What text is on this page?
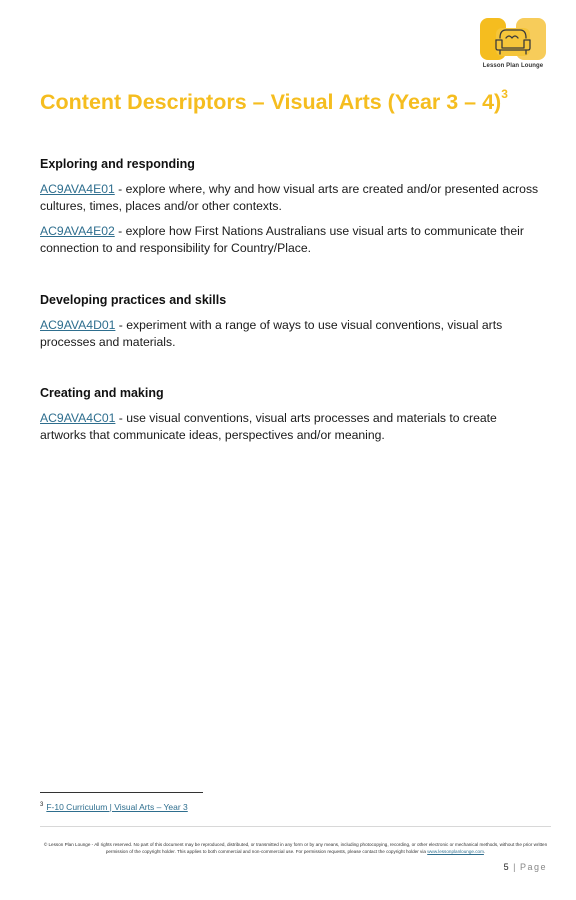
Lesson Plan Lounge
Content Descriptors – Visual Arts (Year 3 – 4)$^3$
Exploring and responding

AC9AVA4E01 - explore where, why and how visual arts are created and/or presented across cultures, times, places and/or other contexts.

AC9AVA4E02 - explore how First Nations Australians use visual arts to communicate their connection to and responsibility for Country/Place.

Developing practices and skills

AC9AVA4D01 - experiment with a range of ways to use visual conventions, visual arts processes and materials.

Creating and making

AC9AVA4C01 - use visual conventions, visual arts processes and materials to create artworks that communicate ideas, perspectives and/or meaning.

$^3$ F-10 Curriculum | Visual Arts – Year 3
© Lesson Plan Lounge - All rights reserved. No part of this document may be reproduced, distributed, or transmitted in any form or by any means, including photocopying, recording, or other electronic or mechanical methods, without the prior written permission of the copyright holder. This applies to both commercial and non-commercial use. For permission requests, please contact the copyright holder via www.lessonplanlounge.com.
5 | Page
